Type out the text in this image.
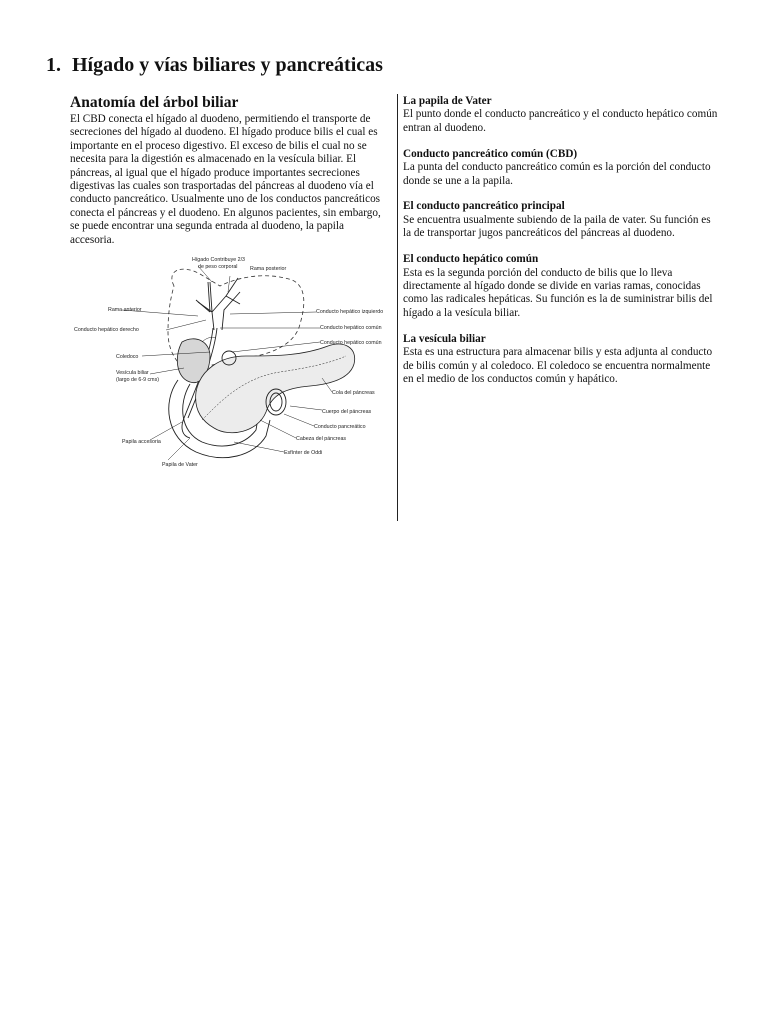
1. Hígado y vías biliares y pancreáticas
Anatomía del árbol biliar

El CBD conecta el hígado al duodeno, permitiendo el transporte de secreciones del hígado al duodeno. El hígado produce bilis el cual es importante en el proceso digestivo. El exceso de bilis el cual no se necesita para la digestión es almacenado en la vesícula biliar. El páncreas, al igual que el hígado produce importantes secreciones digestivas las cuales son trasportadas del páncreas al duodeno vía el conducto pancreático. Usualmente uno de los conductos pancreáticos conecta el páncreas y el duodeno. En algunos pacientes, sin embargo, se puede encontrar una segunda entrada al duodeno, la papila accesoria.

Hígado Contribuye 2/3
de peso corporal Rama posterior
Rama anterior
Conducto hepático derecho
Conducto hepático izquierdo
Conducto hepático común
Conducto hepático común
Coledoco
Vesícula biliar
(largo de 6-9 cms)
Cola del páncreas
Cuerpo del páncreas
Conducto pancreático
Cabeza del páncreas
Esfínter de Oddi
Papila accesoria
Papila de Vater

La papila de Vater

El punto donde el conducto pancreático y el conducto hepático común entran al duodeno.

Conducto pancreático común (CBD)

La punta del conducto pancreático común es la porción del conducto donde se une a la papila.

El conducto pancreático principal

Se encuentra usualmente subiendo de la paila de vater. Su función es la de transportar jugos pancreáticos del páncreas al duodeno.

El conducto hepático común

Esta es la segunda porción del conducto de bilis que lo lleva directamente al hígado donde se divide en varias ramas, conocidas como las radicales hepáticas. Su función es la de suministrar bilis del hígado a la vesícula biliar.

La vesícula biliar

Esta es una estructura para almacenar bilis y esta adjunta al conducto de bilis común y al coledoco. El coledoco se encuentra normalmente en el medio de los conductos común y hapático.
